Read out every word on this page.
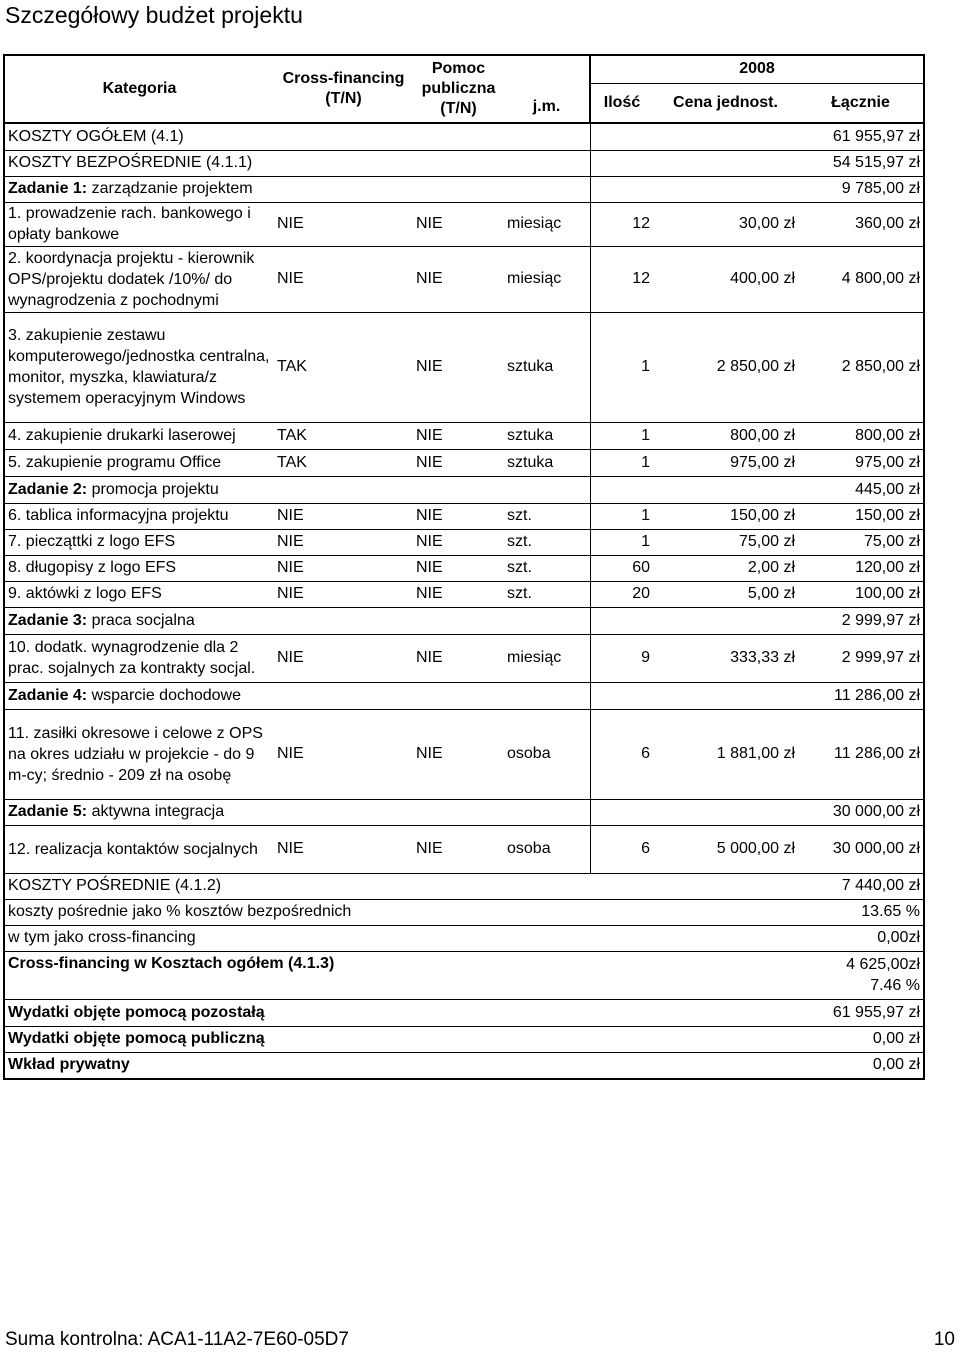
Szczegółowy budżet projektu
Kategoria	Cross-financing (T/N)	Pomoc publiczna (T/N)	j.m.	2008		
				Ilość	Cena jednost.	Łącznie
KOSZTY OGÓŁEM (4.1)						61 955,97 zł
KOSZTY BEZPOŚREDNIE (4.1.1)						54 515,97 zł
Zadanie 1: zarządzanie projektem						9 785,00 zł
1. prowadzenie rach. bankowego i opłaty bankowe	NIE	NIE	miesiąc	12	30,00 zł	360,00 zł
2. koordynacja projektu - kierownik OPS/projektu dodatek /10%/ do wynagrodzenia z pochodnymi	NIE	NIE	miesiąc	12	400,00 zł	4 800,00 zł
3. zakupienie zestawu komputerowego/jednostka centralna, monitor, myszka, klawiatura/z systemem operacyjnym Windows	TAK	NIE	sztuka	1	2 850,00 zł	2 850,00 zł
4. zakupienie drukarki laserowej	TAK	NIE	sztuka	1	800,00 zł	800,00 zł
5. zakupienie programu Office	TAK	NIE	sztuka	1	975,00 zł	975,00 zł
Zadanie 2: promocja projektu						445,00 zł
6. tablica informacyjna projektu	NIE	NIE	szt.	1	150,00 zł	150,00 zł
7. piecząttki z logo EFS	NIE	NIE	szt.	1	75,00 zł	75,00 zł
8. długopisy z logo EFS	NIE	NIE	szt.	60	2,00 zł	120,00 zł
9. aktówki z logo EFS	NIE	NIE	szt.	20	5,00 zł	100,00 zł
Zadanie 3: praca socjalna						2 999,97 zł
10. dodatk. wynagrodzenie dla 2 prac. sojalnych za kontrakty socjal.	NIE	NIE	miesiąc	9	333,33 zł	2 999,97 zł
Zadanie 4: wsparcie dochodowe						11 286,00 zł
11. zasiłki okresowe i celowe z OPS na okres udziału w projekcie - do 9 m-cy; średnio - 209 zł na osobę	NIE	NIE	osoba	6	1 881,00 zł	11 286,00 zł
Zadanie 5: aktywna integracja						30 000,00 zł
12. realizacja kontaktów socjalnych	NIE	NIE	osoba	6	5 000,00 zł	30 000,00 zł
KOSZTY POŚREDNIE (4.1.2)						7 440,00 zł
koszty pośrednie jako % kosztów bezpośrednich						13.65 %
w tym jako cross-financing						0,00zł
Cross-financing w Kosztach ogółem (4.1.3)						4 625,00zł
7.46 %

Wydatki objęte pomocą pozostałą						61 955,97 zł
Wydatki objęte pomocą publiczną						0,00 zł
Wkład prywatny						0,00 zł
Suma kontrolna: ACA1-11A2-7E60-05D7	10
